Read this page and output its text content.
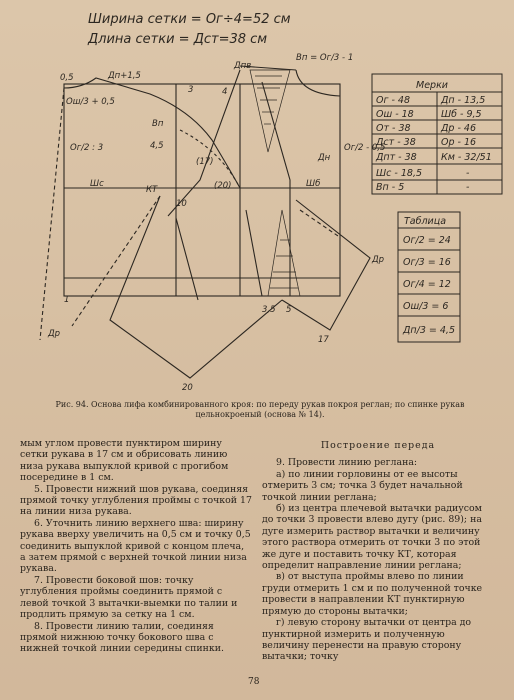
Ширина сетки = Ог÷4=52 см
Длина сетки = Дст=38 см
Вп = Ог/3 - 1
Дп+1,5
Дпв
0,5
Ош/3 + 0,5
Ог/2 : 3
Вп
4,5
4
3
Шс
КТ
(17)
(20)
10
Шб
Дн
Ог/2 - 0,5
Др
3,5 5
1
17
20
Др
Мерки
Ог - 48	Дп - 13,5
Ош - 18	Шб - 9,5
От - 38	Др - 46
Дст - 38	Ор - 16
Дпт - 38	Км - 32/51
Шс - 18,5	-
Вп - 5	-
Таблица
Ог/2 = 24
Ог/3 = 16
Ог/4 = 12
Ош/3 = 6
Дп/3 = 4,5
Рис. 94. Основа лифа комбинированного кроя: по переду рукав покроя реглан; по спинке рукав цельнокроеный (основа № 14).

мым углом провести пунктиром ширину сетки рукава в 17 см и обрисовать линию низа рукава выпуклой кривой с прогибом посередине в 1 см.

5. Провести нижний шов рукава, соединяя прямой точку углубления проймы с точкой 17 на линии низа рукава.

6. Уточнить линию верхнего шва: ширину рукава вверху увеличить на 0,5 см и точку 0,5 соединить выпуклой кривой с концом плеча, а затем прямой с верхней точкой линии низа рукава.

7. Провести боковой шов: точку углубления проймы соединить прямой с левой точкой 3 вытачки-выемки по талии и продлить прямую за сетку на 1 см.

8. Провести линию талии, соединяя прямой нижнюю точку бокового шва с нижней точкой линии середины спинки.

Построение переда

9. Провести линию реглана:

а) по линии горловины от ее высоты отмерить 3 см; точка 3 будет начальной точкой линии реглана;

б) из центра плечевой вытачки радиусом до точки 3 провести влево дугу (рис. 89); на дуге измерить раствор вытачки и величину этого раствора отмерить от точки 3 по этой же дуге и поставить точку КТ, которая определит направление линии реглана;

в) от выступа проймы влево по линии груди отмерить 1 см и по полученной точке провести в направлении КТ пунктирную прямую до стороны вытачки;

г) левую сторону вытачки от центра до пунктирной измерить и полученную величину перенести на правую сторону вытачки; точку

78
